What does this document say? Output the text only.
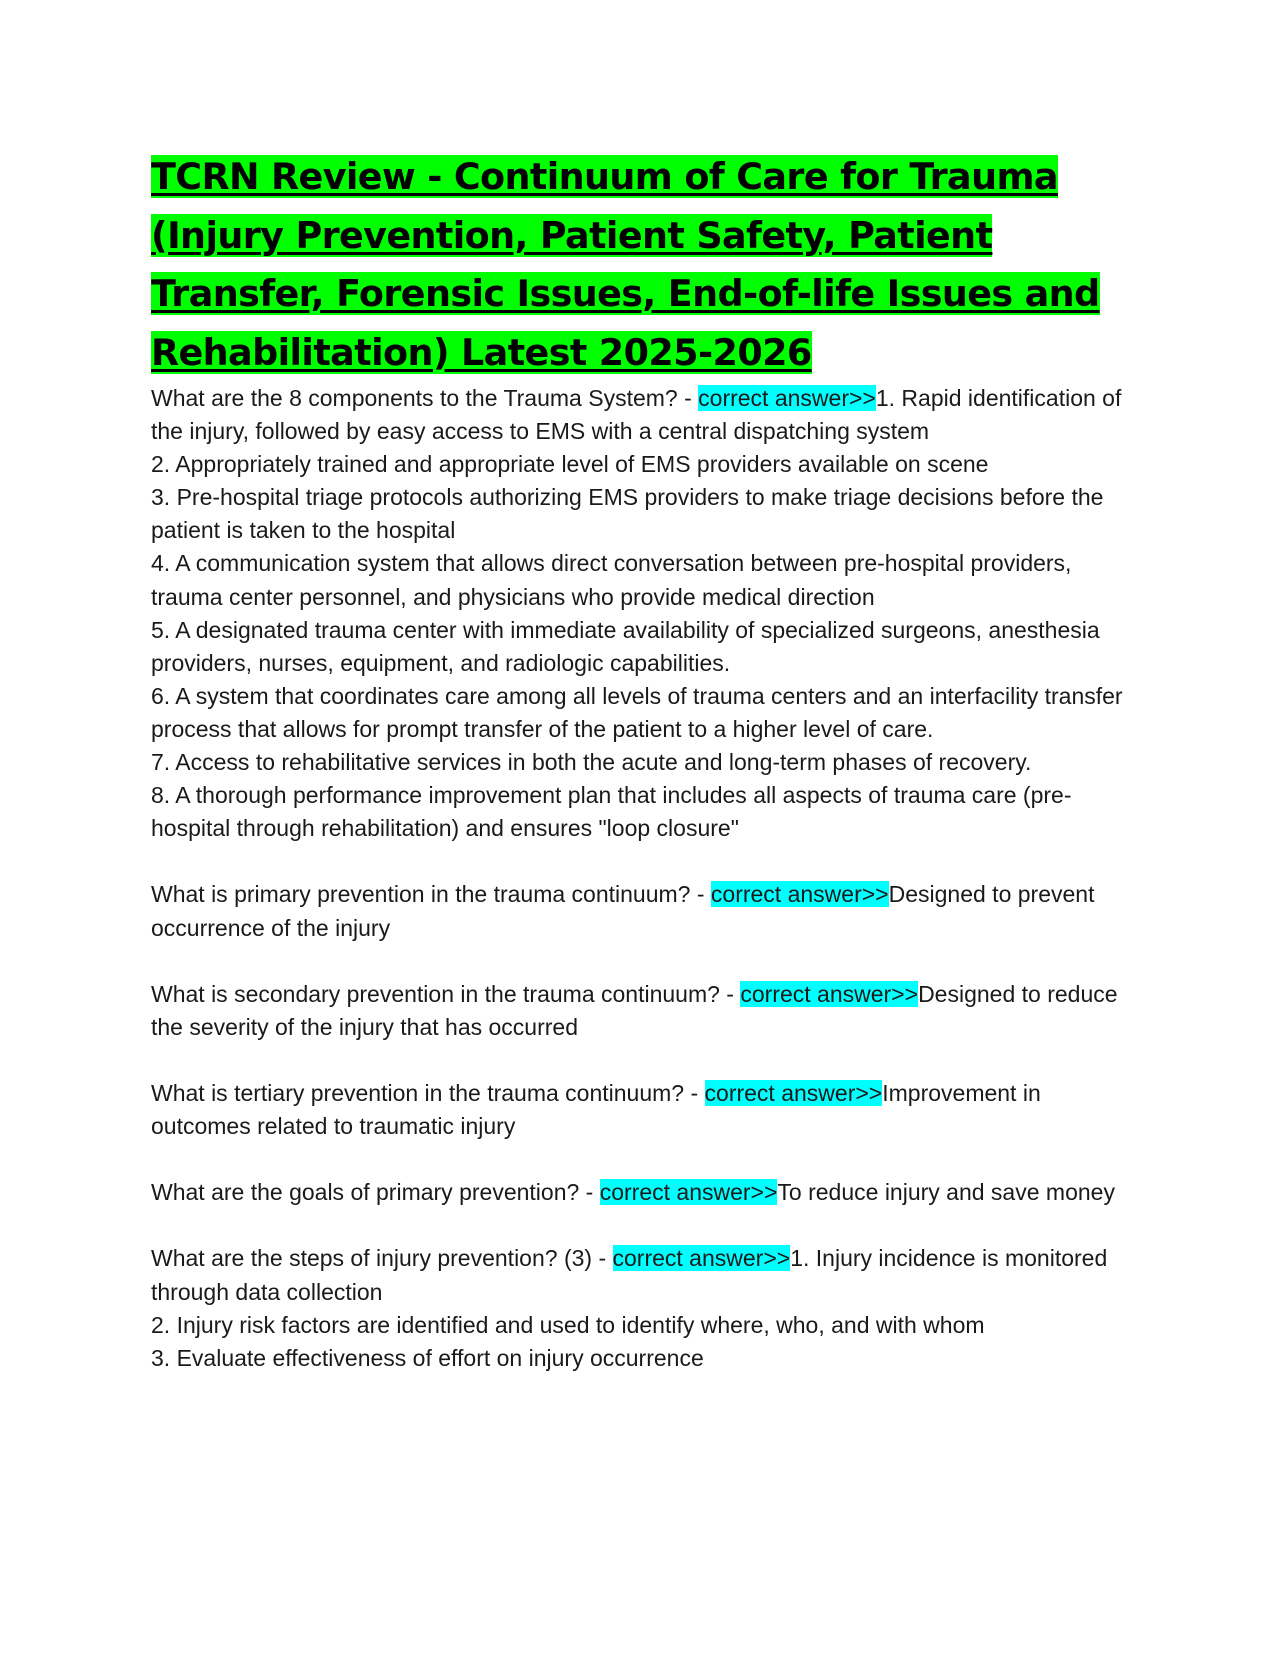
TCRN Review - Continuum of Care for Trauma (Injury Prevention, Patient Safety, Patient Transfer, Forensic Issues, End-of-life Issues and Rehabilitation) Latest 2025-2026
What are the 8 components to the Trauma System? - correct answer>>1. Rapid identification of the injury, followed by easy access to EMS with a central dispatching system
2. Appropriately trained and appropriate level of EMS providers available on scene
3. Pre-hospital triage protocols authorizing EMS providers to make triage decisions before the patient is taken to the hospital
4. A communication system that allows direct conversation between pre-hospital providers, trauma center personnel, and physicians who provide medical direction
5. A designated trauma center with immediate availability of specialized surgeons, anesthesia providers, nurses, equipment, and radiologic capabilities.
6. A system that coordinates care among all levels of trauma centers and an interfacility transfer process that allows for prompt transfer of the patient to a higher level of care.
7. Access to rehabilitative services in both the acute and long-term phases of recovery.
8. A thorough performance improvement plan that includes all aspects of trauma care (pre-hospital through rehabilitation) and ensures "loop closure"
What is primary prevention in the trauma continuum? - correct answer>>Designed to prevent occurrence of the injury
What is secondary prevention in the trauma continuum? - correct answer>>Designed to reduce the severity of the injury that has occurred
What is tertiary prevention in the trauma continuum? - correct answer>>Improvement in outcomes related to traumatic injury
What are the goals of primary prevention? - correct answer>>To reduce injury and save money
What are the steps of injury prevention? (3) - correct answer>>1. Injury incidence is monitored through data collection
2. Injury risk factors are identified and used to identify where, who, and with whom
3. Evaluate effectiveness of effort on injury occurrence
